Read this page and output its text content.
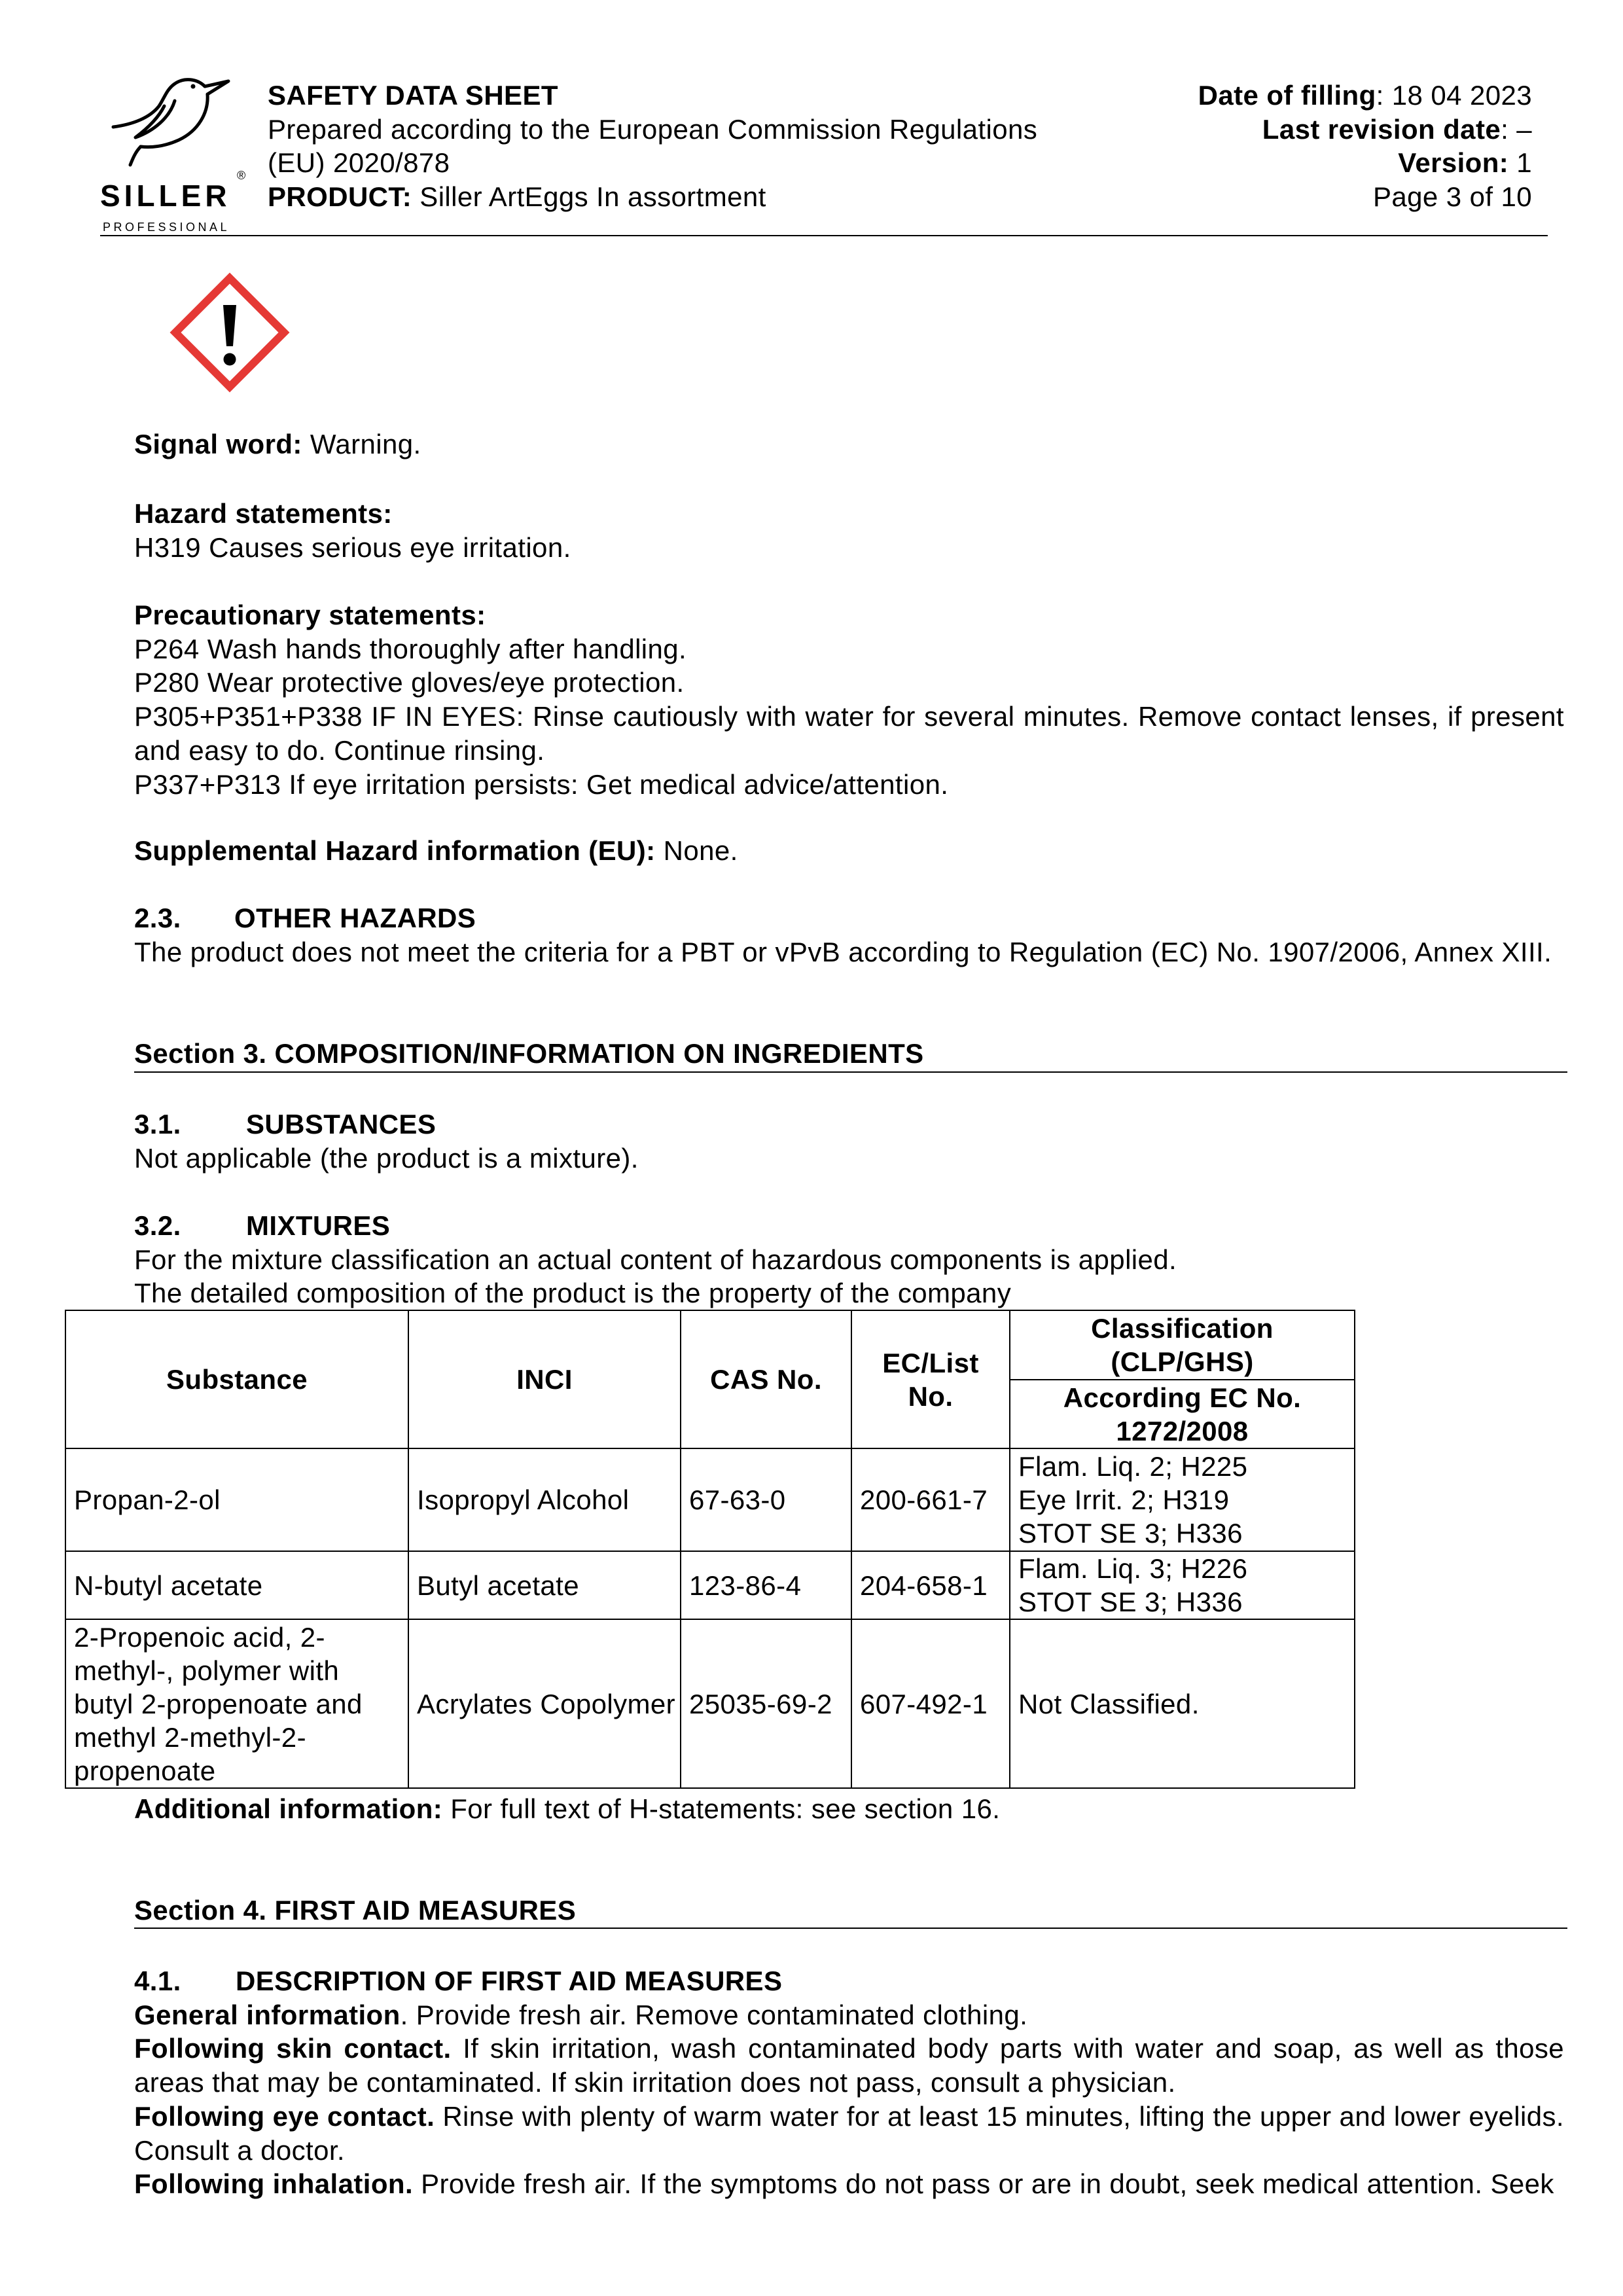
SILLER
®
PROFESSIONAL
SAFETY DATA SHEET
Prepared according to the European Commission Regulations (EU) 2020/878
PRODUCT: Siller ArtEggs In assortment
Date of filling: 18 04 2023
Last revision date: –
Version: 1
Page 3 of 10
Signal word: Warning.
Hazard statements:
H319 Causes serious eye irritation.
Precautionary statements:
P264 Wash hands thoroughly after handling.
P280 Wear protective gloves/eye protection.
P305+P351+P338 IF IN EYES: Rinse cautiously with water for several minutes. Remove contact lenses, if present and easy to do. Continue rinsing.
P337+P313 If eye irritation persists: Get medical advice/attention.
Supplemental Hazard information (EU): None.
2.3. OTHER HAZARDS
The product does not meet the criteria for a PBT or vPvB according to Regulation (EC) No. 1907/2006, Annex XIII.
Section 3. COMPOSITION/INFORMATION ON INGREDIENTS
3.1. SUBSTANCES
Not applicable (the product is a mixture).
3.2. MIXTURES
For the mixture classification an actual content of hazardous components is applied.
The detailed composition of the product is the property of the company
Substance	INCI	CAS No.	EC/List No.	Classification (CLP/GHS)
				According EC No. 1272/2008
Propan-2-ol	Isopropyl Alcohol	67-63-0	200-661-7	Flam. Liq. 2; H225
Eye Irrit. 2; H319
STOT SE 3; H336

N-butyl acetate	Butyl acetate	123-86-4	204-658-1	Flam. Liq. 3; H226
STOT SE 3; H336

2-Propenoic acid, 2-methyl-, polymer with butyl 2-propenoate and methyl 2-methyl-2-propenoate	Acrylates Copolymer	25035-69-2	607-492-1	Not Classified.
Additional information: For full text of H-statements: see section 16.
Section 4. FIRST AID MEASURES
4.1. DESCRIPTION OF FIRST AID MEASURES
General information. Provide fresh air. Remove contaminated clothing.
Following skin contact. If skin irritation, wash contaminated body parts with water and soap, as well as those areas that may be contaminated. If skin irritation does not pass, consult a physician.
Following eye contact. Rinse with plenty of warm water for at least 15 minutes, lifting the upper and lower eyelids. Consult a doctor.
Following inhalation. Provide fresh air. If the symptoms do not pass or are in doubt, seek medical attention. Seek
